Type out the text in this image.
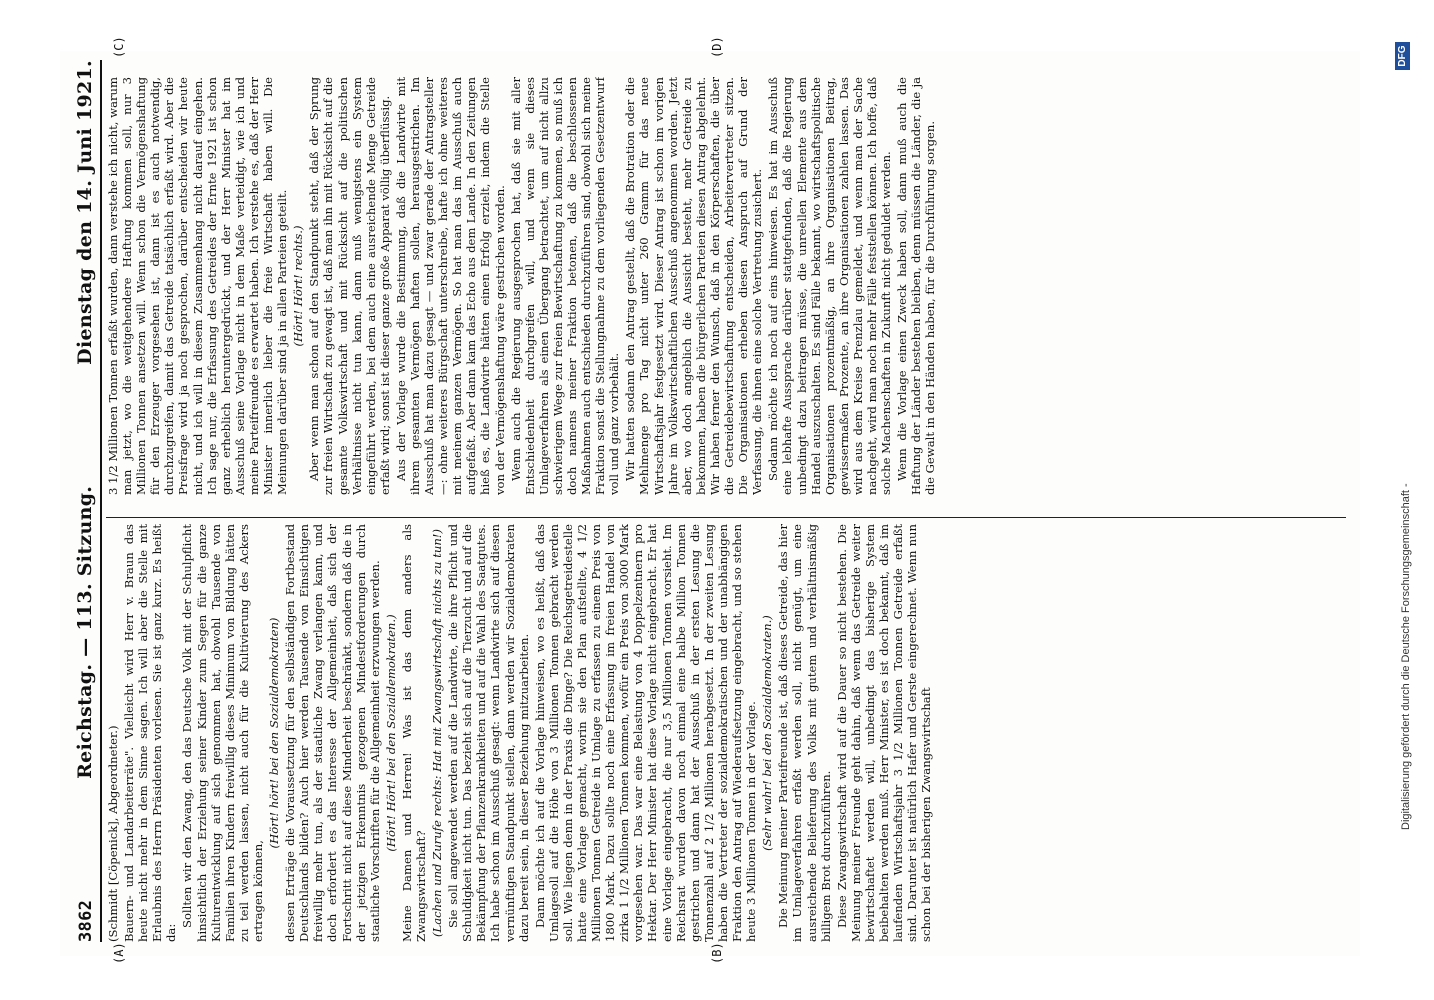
3862
Reichstag. — 113. Sitzung.
Dienstag den 14. Juni 1921.
(A)	(B)
(C)	(D)

(Schmidt [Cöpenick], Abgeordneter.) Bauern- und Landarbeiterräte". Vielleicht wird Herr v. Braun das heute nicht mehr in dem Sinne sagen. Ich will aber die Stelle mit Erlaubnis des Herrn Präsidenten vorlesen. Sie ist ganz kurz. Es heißt da:

Sollten wir den Zwang, den das Deutsche Volk mit der Schulpflicht hinsichtlich der Erziehung seiner Kinder zum Segen für die ganze Kulturentwicklung auf sich genommen hat, obwohl Tausende von Familien ihren Kindern freiwillig dieses Minimum von Bildung hätten zu teil werden lassen, nicht auch für die Kultivierung des Ackers ertragen können,

(Hört! hört! bei den Sozialdemokraten) dessen Erträge die Voraussetzung für den selbständigen Fortbestand Deutschlands bilden? Auch hier werden Tausende von Einsichtigen freiwillig mehr tun, als der staatliche Zwang verlangen kann, und doch erfordert es das Interesse der Allgemeinheit, daß sich der Fortschritt nicht auf diese Minderheit beschränkt, sondern daß die in der jetzigen Erkenntnis gezogenen Mindestforderungen durch staatliche Vorschriften für die Allgemeinheit erzwungen werden. (Hört! Hört! bei den Sozialdemokraten.) Meine Damen und Herren! Was ist das denn anders als Zwangswirtschaft? (Lachen und Zurufe rechts: Hat mit Zwangswirtschaft nichts zu tun!) Sie soll angewendet werden auf die Landwirte, die ihre Pflicht und Schuldigkeit nicht tun. Das bezieht sich auf die Tierzucht und auf die Bekämpfung der Pflanzenkrankheiten und auf die Wahl des Saatgutes. Ich habe schon im Ausschuß gesagt: wenn Landwirte sich auf diesen vernünftigen Standpunkt stellen, dann werden wir Sozialdemokraten dazu bereit sein, in dieser Beziehung mitzuarbeiten. Dann möchte ich auf die Vorlage hinweisen, wo es heißt, daß das Umlagesoll auf die Höhe von 3 Millionen Tonnen gebracht werden soll. Wie liegen denn in der Praxis die Dinge? Die Reichsgetreidestelle hatte eine Vorlage gemacht, worin sie den Plan aufstellte, 4 1/2 Millionen Tonnen Getreide in Umlage zu erfassen zu einem Preis von 1800 Mark. Dazu sollte noch eine Erfassung im freien Handel von zirka 1 1/2 Millionen Tonnen kommen, wofür ein Preis von 3000 Mark vorgesehen war. Das war eine Belastung von 4 Doppelzentnern pro Hektar. Der Herr Minister hat diese Vorlage nicht eingebracht. Er hat eine Vorlage eingebracht, die nur 3,5 Millionen Tonnen vorsieht. Im Reichsrat wurden davon noch einmal eine halbe Million Tonnen gestrichen und dann hat der Ausschuß in der ersten Lesung die Tonnenzahl auf 2 1/2 Millionen herabgesetzt. In der zweiten Lesung haben die Vertreter der sozialdemokratischen und der unabhängigen Fraktion den Antrag auf Wiederaufsetzung eingebracht, und so stehen heute 3 Millionen Tonnen in der Vorlage. (Sehr wahr! bei den Sozialdemokraten.) Die Meinung meiner Parteifreunde ist, daß dieses Getreide, das hier im Umlageverfahren erfaßt werden soll, nicht genügt, um eine ausreichende Belieferung des Volks mit gutem und verhältnismäßig billigem Brot durchzuführen. Diese Zwangswirtschaft wird auf die Dauer so nicht bestehen. Die Meinung meiner Freunde geht dahin, daß wenn das Getreide weiter bewirtschaftet werden will, unbedingt das bisherige System beibehalten werden muß. Herr Minister, es ist doch bekannt, daß im laufenden Wirtschaftsjahr 3 1/2 Millionen Tonnen Getreide erfaßt sind. Darunter ist natürlich Hafer und Gerste eingerechnet. Wenn nun schon bei der bisherigen Zwangswirtschaft

3 1/2 Millionen Tonnen erfaßt wurden, dann verstehe ich nicht, warum man jetzt, wo die weitgehendere Haftung kommen soll, nur 3 Millionen Tonnen ansetzen will. Wenn schon die Vermögenshaftung für den Erzeuger vorgesehen ist, dann ist es auch notwendig, durchzugreifen, damit das Getreide tatsächlich erfaßt wird. Aber die Preisfrage wird ja noch gesprochen, darüber entscheiden wir heute nicht, und ich will in diesem Zusammenhang nicht darauf eingehen. Ich sage nur, die Erfassung des Getreides der Ernte 1921 ist schon ganz erheblich heruntergedrückt, und der Herr Minister hat im Ausschuß seine Vorlage nicht in dem Maße verteidigt, wie ich und meine Parteifreunde es erwartet haben. Ich verstehe es, daß der Herr Minister innerlich lieber die freie Wirtschaft haben will. Die Meinungen darüber sind ja in allen Parteien geteilt. (Hört! Hört! rechts.) Aber wenn man schon auf den Standpunkt steht, daß der Sprung zur freien Wirtschaft zu gewagt ist, daß man ihn mit Rücksicht auf die gesamte Volkswirtschaft und mit Rücksicht auf die politischen Verhältnisse nicht tun kann, dann muß wenigstens ein System eingeführt werden, bei dem auch eine ausreichende Menge Getreide erfaßt wird; sonst ist dieser ganze große Apparat völlig überflüssig. Aus der Vorlage wurde die Bestimmung, daß die Landwirte mit ihrem gesamten Vermögen haften sollen, herausgestrichen. Im Ausschuß hat man dazu gesagt — und zwar gerade der Antragsteller —: ohne weiteres Bürgschaft unterschreibe, hafte ich ohne weiteres mit meinem ganzen Vermögen. So hat man das im Ausschuß auch aufgefaßt. Aber dann kam das Echo aus dem Lande. In den Zeitungen hieß es, die Landwirte hätten einen Erfolg erzielt, indem die Stelle von der Vermögenshaftung wäre gestrichen worden. Wenn auch die Regierung ausgesprochen hat, daß sie mit aller Entschiedenheit durchgreifen will, und wenn sie dieses Umlageverfahren als einen Übergang betrachtet, um auf nicht allzu schwierigem Wege zur freien Bewirtschaftung zu kommen, so muß ich doch namens meiner Fraktion betonen, daß die beschlossenen Maßnahmen auch entschieden durchzuführen sind, obwohl sich meine Fraktion sonst die Stellungnahme zu dem vorliegenden Gesetzentwurf voll und ganz vorbehält. Wir hatten sodann den Antrag gestellt, daß die Brotration oder die Mehlmenge pro Tag nicht unter 260 Gramm für das neue Wirtschaftsjahr festgesetzt wird. Dieser Antrag ist schon im vorigen Jahre im Volkswirtschaftlichen Ausschuß angenommen worden. Jetzt aber, wo doch angeblich die Aussicht besteht, mehr Getreide zu bekommen, haben die bürgerlichen Parteien diesen Antrag abgelehnt. Wir haben ferner den Wunsch, daß in den Körperschaften, die über die Getreidebewirtschaftung entscheiden, Arbeitervertreter sitzen. Die Organisationen erheben diesen Anspruch auf Grund der Verfassung, die ihnen eine solche Vertretung zusichert. Sodann möchte ich noch auf eins hinweisen. Es hat im Ausschuß eine lebhafte Aussprache darüber stattgefunden, daß die Regierung unbedingt dazu beitragen müsse, die unreellen Elemente aus dem Handel auszuschalten. Es sind Fälle bekannt, wo wirtschaftspolitische Organisationen prozentmäßig, an ihre Organisationen Beitrag, gewissermaßen Prozente, an ihre Organisationen zahlen lassen. Das wird aus dem Kreise Prenzlau gemeldet, und wenn man der Sache nachgeht, wird man noch mehr Fälle feststellen können. Ich hoffe, daß solche Machenschaften in Zukunft nicht geduldet werden. Wenn die Vorlage einen Zweck haben soll, dann muß auch die Haftung der Länder bestehen bleiben, denn müssen die Länder, die ja die Gewalt in den Händen haben, für die Durchführung sorgen.

Digitalisierung gefördert durch die Deutsche Forschungsgemeinschaft -
DFG
